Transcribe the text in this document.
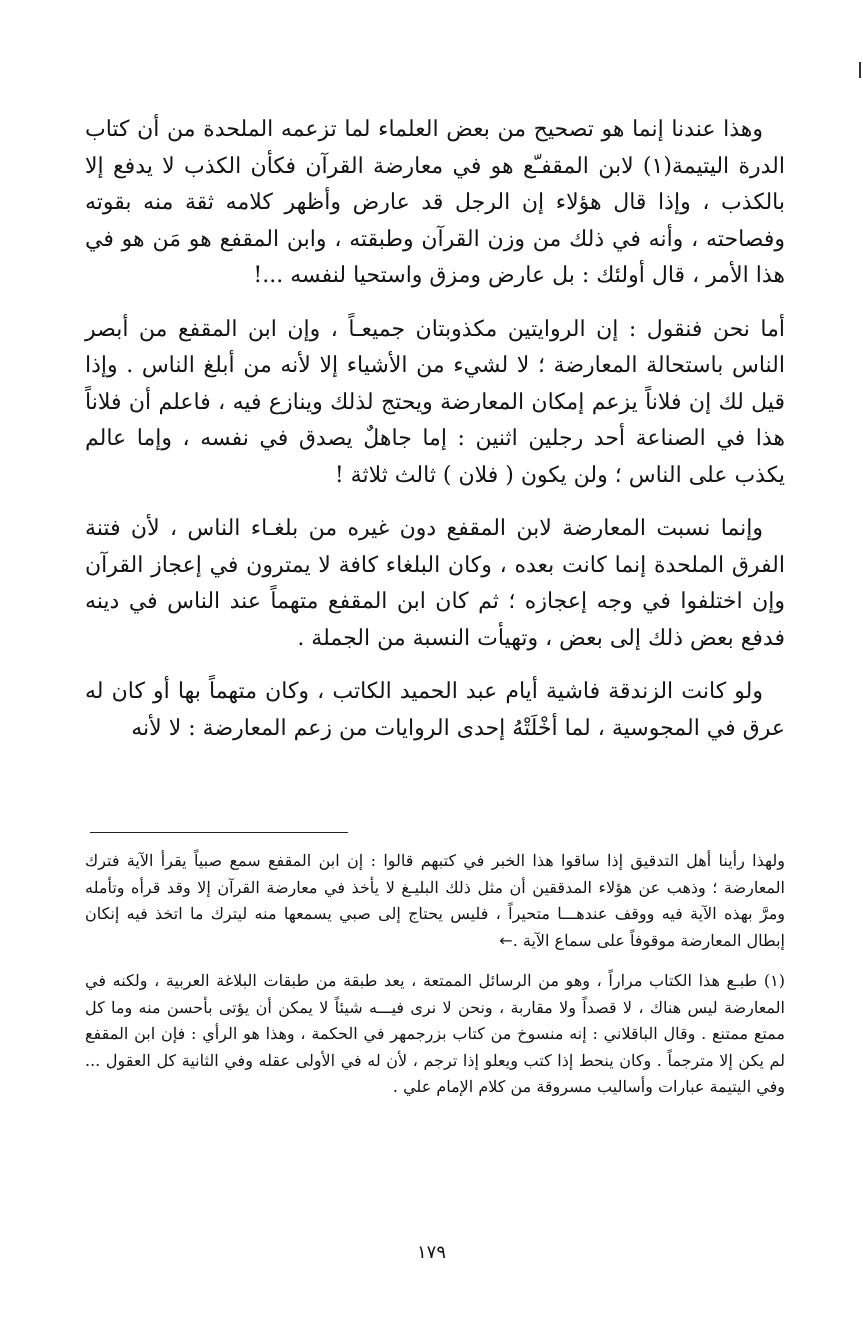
وهذا عندنا إنما هو تصحيح من بعض العلماء لما تزعمه الملحدة من أن كتاب الدرة اليتيمة(١) لابن المقفـّع هو في معارضة القرآن فكأن الكذب لا يدفع إلا بالكذب ، وإذا قال هؤلاء إن الرجل قد عارض وأظهر كلامه ثقة منه بقوته وفصاحته ، وأنه في ذلك من وزن القرآن وطبقته ، وابن المقفع هو مَن هو في هذا الأمر ، قال أولئك : بل عارض ومزق واستحيا لنفسه ...!

أما نحن فنقول : إن الروايتين مكذوبتان جميعـاً ، وإن ابن المقفع من أبصر الناس باستحالة المعارضة ؛ لا لشيء من الأشياء إلا لأنه من أبلغ الناس . وإذا قيل لك إن فلاناً يزعم إمكان المعارضة ويحتج لذلك وينازع فيه ، فاعلم أن فلاناً هذا في الصناعة أحد رجلين اثنين : إما جاهلٌ يصدق في نفسه ، وإما عالم يكذب على الناس ؛ ولن يكون ( فلان ) ثالث ثلاثة !

وإنما نسبت المعارضة لابن المقفع دون غيره من بلغـاء الناس ، لأن فتنة الفرق الملحدة إنما كانت بعده ، وكان البلغاء كافة لا يمترون في إعجاز القرآن وإن اختلفوا في وجه إعجازه ؛ ثم كان ابن المقفع متهماً عند الناس في دينه فدفع بعض ذلك إلى بعض ، وتهيأت النسبة من الجملة .

ولو كانت الزندقة فاشية أيام عبد الحميد الكاتب ، وكان متهماً بها أو كان له عرق في المجوسية ، لما أخْلَتْهُ إحدى الروايات من زعم المعارضة : لا لأنه

ولهذا رأينا أهل التدقيق إذا ساقوا هذا الخبر في كتبهم قالوا : إن ابن المقفع سمع صبياً يقرأ الآية فترك المعارضة ؛ وذهب عن هؤلاء المدققين أن مثل ذلك البليـغ لا يأخذ في معارضة القرآن إلا وقد قرأه وتأمله ومرَّ بهذه الآية فيه ووقف عندهـــا متحيراً ، فليس يحتاج إلى صبي يسمعها منه ليترك ما اتخذ فيه إنكان إبطال المعارضة موقوفاً على سماع الآية .←

(١) طبـع هذا الكتاب مراراً ، وهو من الرسائل الممتعة ، يعد طبقة من طبقات البلاغة العربية ، ولكنه في المعارضة ليس هناك ، لا قصداً ولا مقاربة ، ونحن لا نرى فيـــه شيئاً لا يمكن أن يؤتى بأحسن منه وما كل ممتع ممتنع . وقال الباقلاني : إنه منسوخ من كتاب بزرجمهر في الحكمة ، وهذا هو الرأي : فإن ابن المقفع لم يكن إلا مترجماً . وكان ينحط إذا كتب ويعلو إذا ترجم ، لأن له في الأولى عقله وفي الثانية كل العقول ... وفي اليتيمة عبارات وأساليب مسروقة من كلام الإمام علي .

١٧٩
